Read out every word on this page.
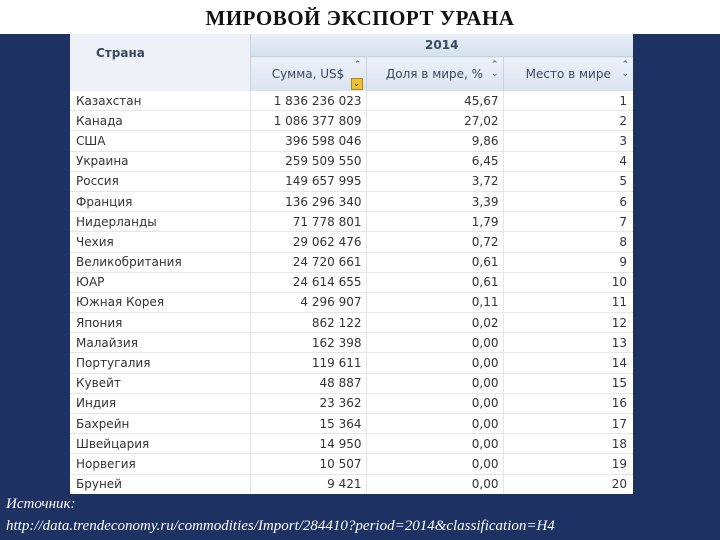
МИРОВОЙ ЭКСПОРТ УРАНА
Страна	2014		
	Сумма, US$
⌃
⌄	Доля в мире, %
⌃
⌄	Место в мире
⌃
⌄

Казахстан	1 836 236 023	45,67	1
Канада	1 086 377 809	27,02	2
США	396 598 046	9,86	3
Украина	259 509 550	6,45	4
Россия	149 657 995	3,72	5
Франция	136 296 340	3,39	6
Нидерланды	71 778 801	1,79	7
Чехия	29 062 476	0,72	8
Великобритания	24 720 661	0,61	9
ЮАР	24 614 655	0,61	10
Южная Корея	4 296 907	0,11	11
Япония	862 122	0,02	12
Малайзия	162 398	0,00	13
Португалия	119 611	0,00	14
Кувейт	48 887	0,00	15
Индия	23 362	0,00	16
Бахрейн	15 364	0,00	17
Швейцария	14 950	0,00	18
Норвегия	10 507	0,00	19
Бруней	9 421	0,00	20
Источник:
http://data.trendeconomy.ru/commodities/Import/284410?period=2014&classification=H4
